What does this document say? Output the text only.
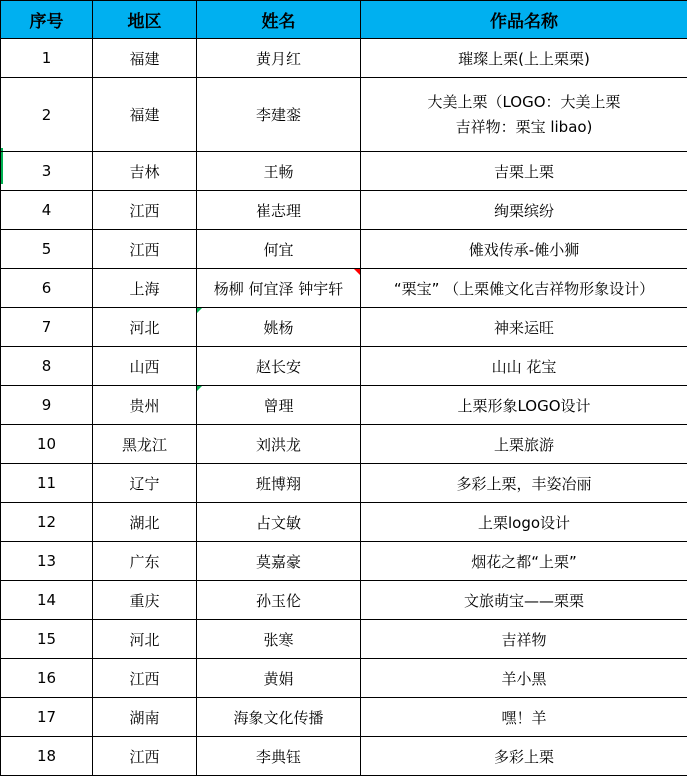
序号	地区	姓名	作品名称
1	福建	黄月红	璀璨上栗(上上栗栗)
2	福建	李建銮	大美上栗（LOGO：大美上栗
吉祥物：栗宝 libao)

3	吉林	王畅	吉栗上栗
4	江西	崔志理	绚栗缤纷
5	江西	何宜	傩戏传承-傩小狮
6	上海	杨柳 何宜泽 钟宇轩	“栗宝” （上栗傩文化吉祥物形象设计）
7	河北	姚杨	神来运旺
8	山西	赵长安	山山 花宝
9	贵州	曾理	上栗形象LOGO设计
10	黑龙江	刘洪龙	上栗旅游
11	辽宁	班博翔	多彩上栗，丰姿冶丽
12	湖北	占文敏	上栗logo设计
13	广东	莫嘉豪	烟花之都“上栗”
14	重庆	孙玉伦	文旅萌宝——栗栗
15	河北	张寒	吉祥物
16	江西	黄娟	羊小黑
17	湖南	海象文化传播	嘿！羊
18	江西	李典钰	多彩上栗
